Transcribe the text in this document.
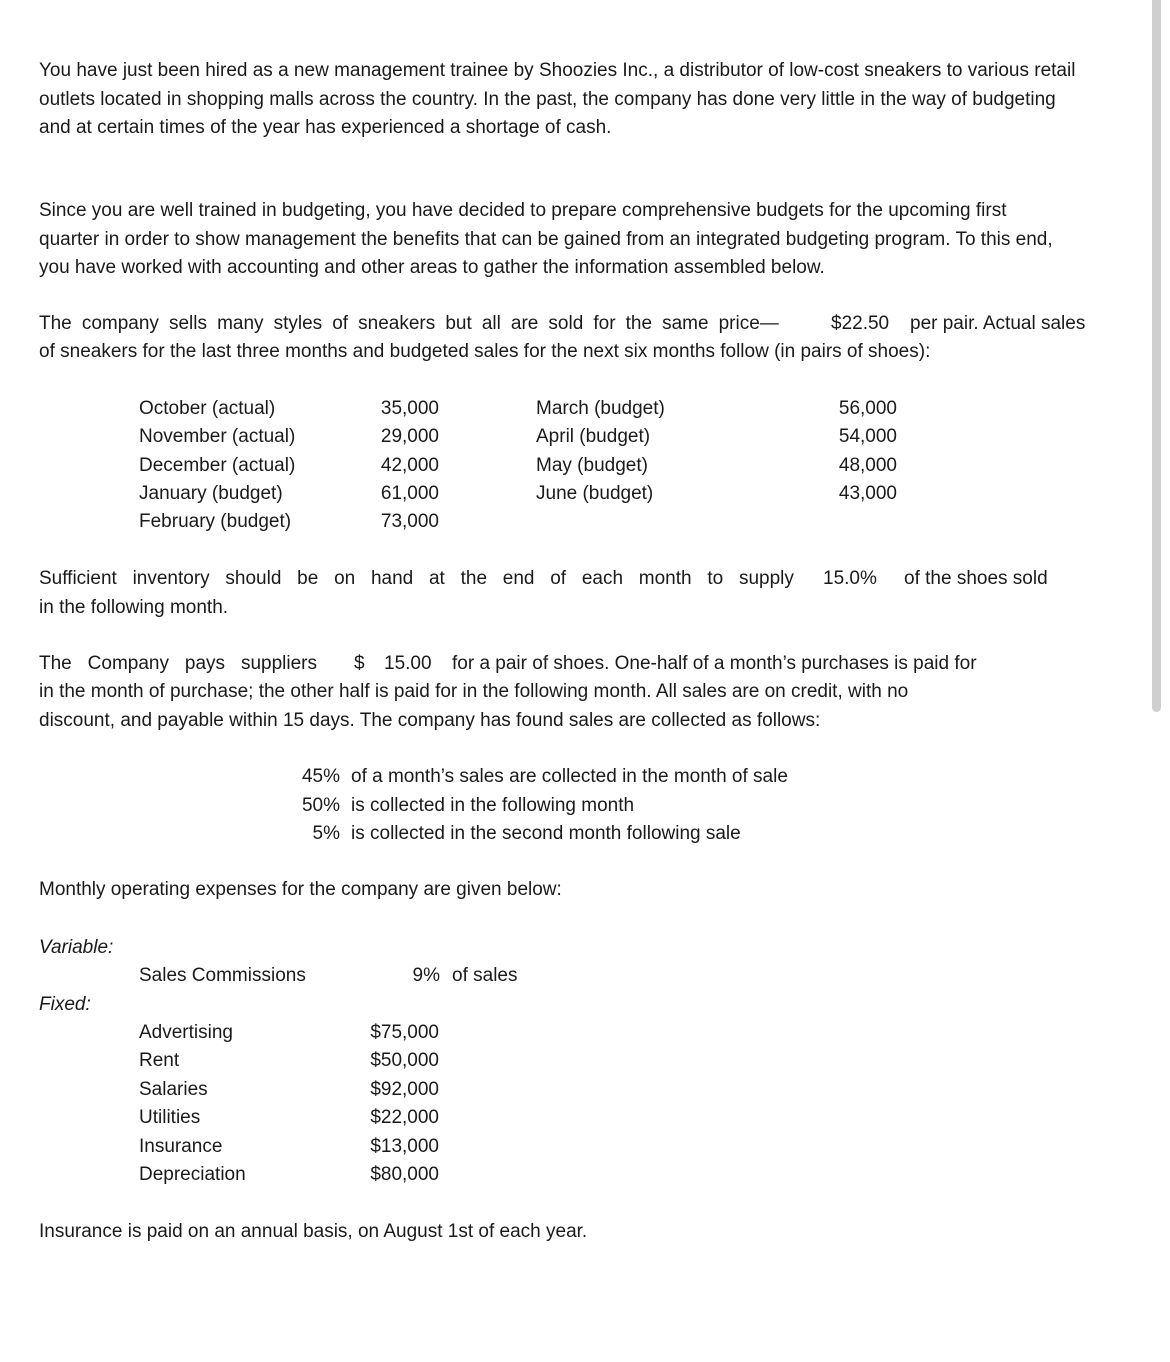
You have just been hired as a new management trainee by Shoozies Inc., a distributor of low-cost sneakers to various retail
outlets located in shopping malls across the country. In the past, the company has done very little in the way of budgeting
and at certain times of the year has experienced a shortage of cash.
Since you are well trained in budgeting, you have decided to prepare comprehensive budgets for the upcoming first
quarter in order to show management the benefits that can be gained from an integrated budgeting program. To this end,
you have worked with accounting and other areas to gather the information assembled below.
The company sells many styles of sneakers but all are sold for the same price—	$22.50 per pair. Actual sales
of sneakers for the last three months and budgeted sales for the next six months follow (in pairs of shoes):
October (actual)	35,000
November (actual)	29,000
December (actual)	42,000
January (budget)	61,000
February (budget)	73,000
March (budget)	56,000
April (budget)	54,000
May (budget)	48,000
June (budget)	43,000
Sufficient inventory should be on hand at the end of each month to supply 15.0% of the shoes sold
in the following month.
The Company pays suppliers $ 15.00 for a pair of shoes. One-half of a month’s purchases is paid for
in the month of purchase; the other half is paid for in the following month. All sales are on credit, with no
discount, and payable within 15 days. The company has found sales are collected as follows:
45% of a month’s sales are collected in the month of sale
50% is collected in the following month
5% is collected in the second month following sale
Monthly operating expenses for the company are given below:
Variable:
Sales Commissions	9% of sales
Fixed:
Advertising	$75,000
Rent	$50,000
Salaries	$92,000
Utilities	$22,000
Insurance	$13,000
Depreciation	$80,000
Insurance is paid on an annual basis, on August 1st of each year.
